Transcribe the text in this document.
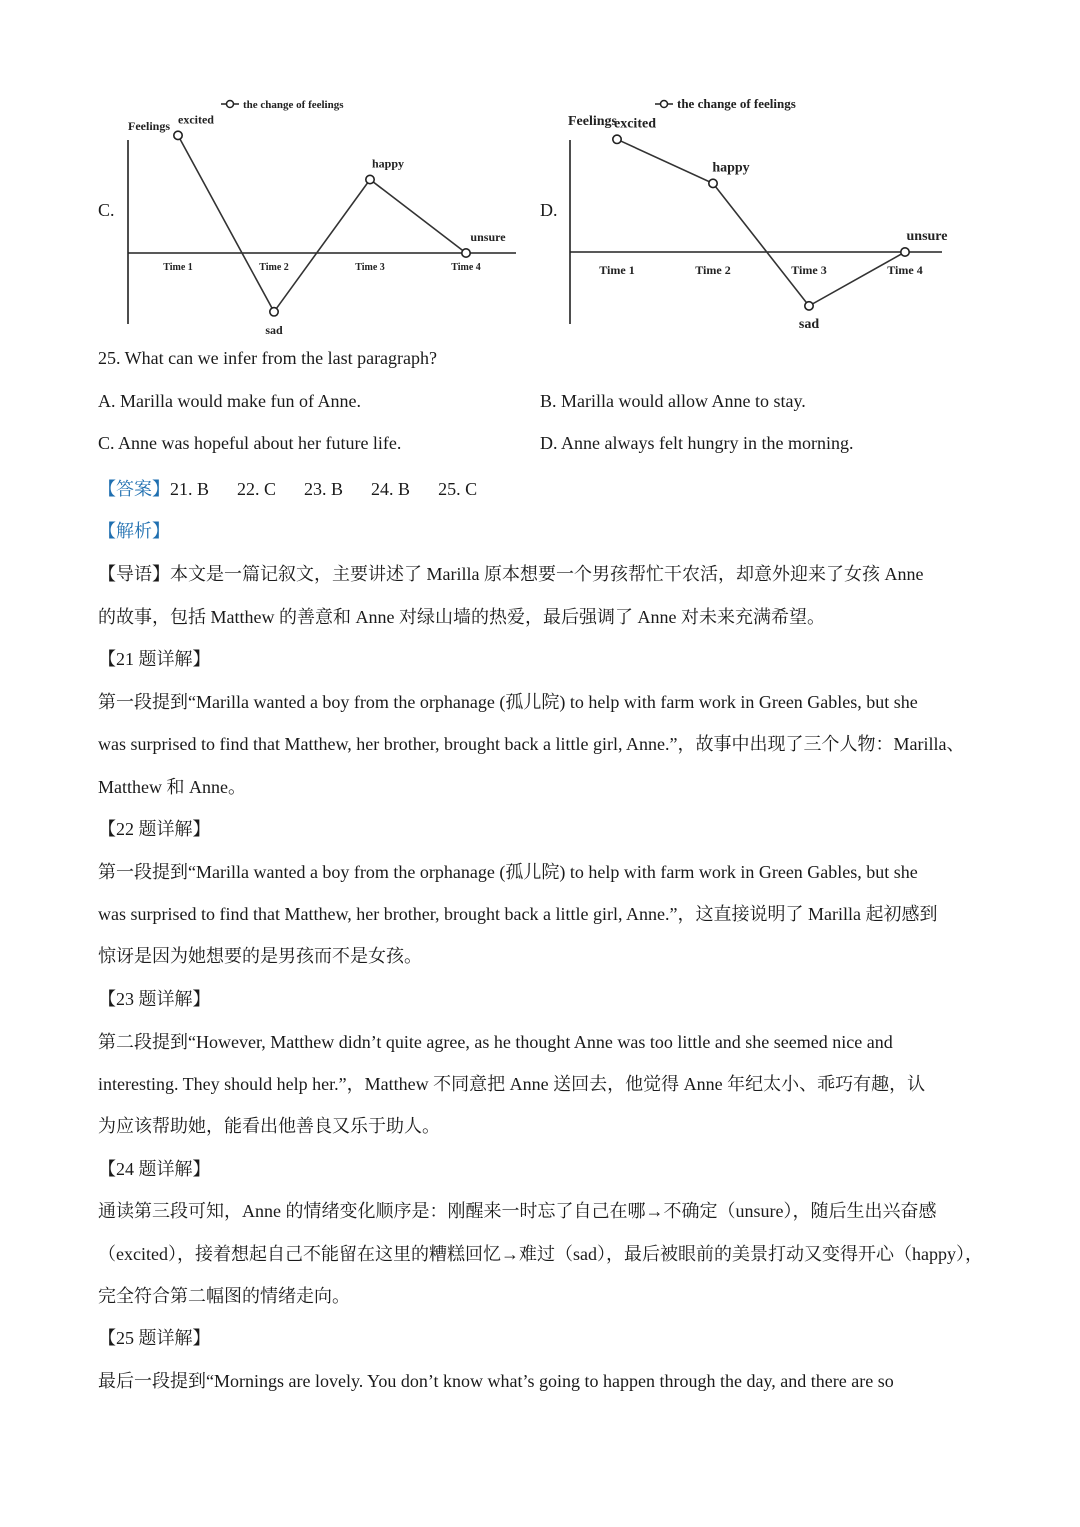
C.	D.
the change of feelings
Feelings
Time 1	Time 2	Time 3	Time 4
excited
sad
happy
unsure
the change of feelings
Feelings
Time 1	Time 2	Time 3	Time 4
excited
happy
sad
unsure
25. What can we infer from the last paragraph?
A. Marilla would make fun of Anne.	B. Marilla would allow Anne to stay.
C. Anne was hopeful about her future life.	D. Anne always felt hungry in the morning.
【答案】21. B 22. C 23. B 24. B 25. C
【解析】
【导语】本文是一篇记叙文，主要讲述了 Marilla 原本想要一个男孩帮忙干农活，却意外迎来了女孩 Anne
的故事，包括 Matthew 的善意和 Anne 对绿山墙的热爱，最后强调了 Anne 对未来充满希望。
【21 题详解】
第一段提到“Marilla wanted a boy from the orphanage (孤儿院) to help with farm work in Green Gables, but she
was surprised to find that Matthew, her brother, brought back a little girl, Anne.”，故事中出现了三个人物：Marilla、
Matthew 和 Anne。
【22 题详解】
第一段提到“Marilla wanted a boy from the orphanage (孤儿院) to help with farm work in Green Gables, but she
was surprised to find that Matthew, her brother, brought back a little girl, Anne.”，这直接说明了 Marilla 起初感到
惊讶是因为她想要的是男孩而不是女孩。
【23 题详解】
第二段提到“However, Matthew didn’t quite agree, as he thought Anne was too little and she seemed nice and
interesting. They should help her.”，Matthew 不同意把 Anne 送回去，他觉得 Anne 年纪太小、乖巧有趣，认
为应该帮助她，能看出他善良又乐于助人。
【24 题详解】
通读第三段可知，Anne 的情绪变化顺序是：刚醒来一时忘了自己在哪→不确定（unsure），随后生出兴奋感
（excited），接着想起自己不能留在这里的糟糕回忆→难过（sad），最后被眼前的美景打动又变得开心（happy），
完全符合第二幅图的情绪走向。
【25 题详解】
最后一段提到“Mornings are lovely. You don’t know what’s going to happen through the day, and there are so
